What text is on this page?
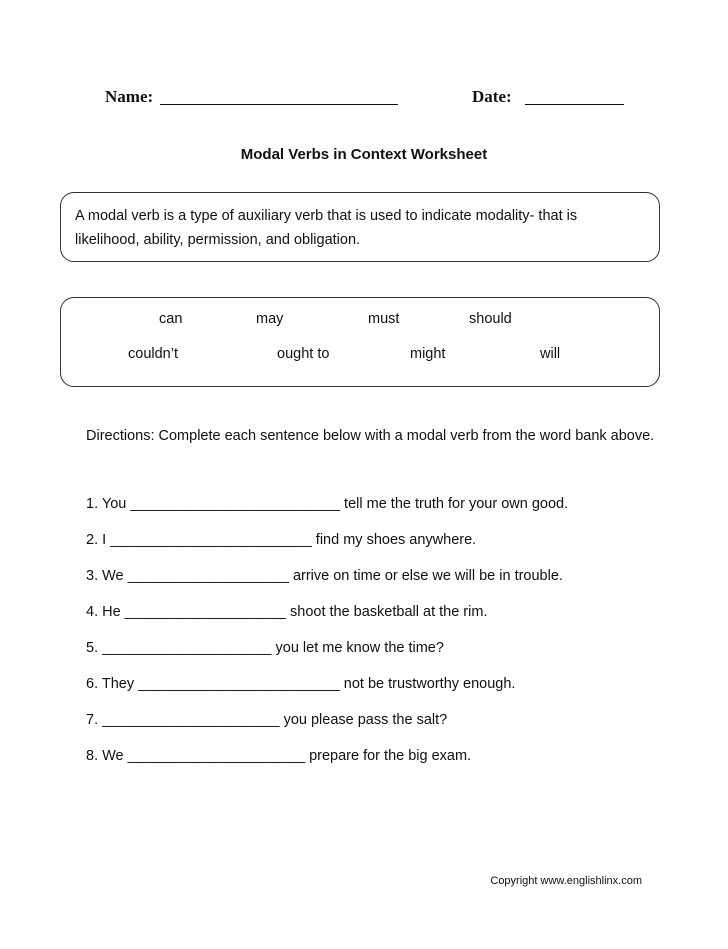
Name:	Date:
Modal Verbs in Context Worksheet
A modal verb is a type of auxiliary verb that is used to indicate modality- that is likelihood, ability, permission, and obligation.
can	may	must	should
couldn’t	ought to	might	will
Directions: Complete each sentence below with a modal verb from the word bank above.
1. You __________________________ tell me the truth for your own good.
2. I _________________________ find my shoes anywhere.
3. We ____________________ arrive on time or else we will be in trouble.
4. He ____________________ shoot the basketball at the rim.
5. _____________________ you let me know the time?
6. They _________________________ not be trustworthy enough.
7. ______________________ you please pass the salt?
8. We ______________________ prepare for the big exam.
Copyright www.englishlinx.com
